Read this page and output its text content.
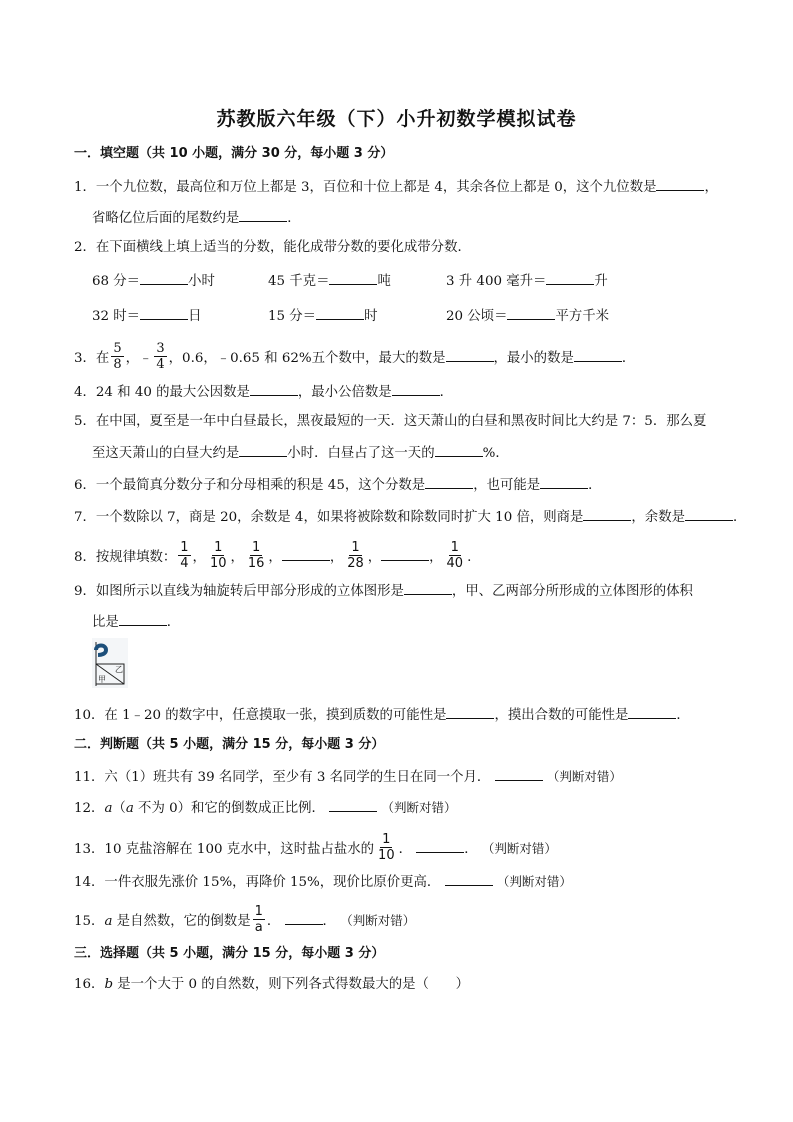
苏教版六年级（下）小升初数学模拟试卷
一．填空题（共 10 小题，满分 30 分，每小题 3 分）
1．一个九位数，最高位和万位上都是 3，百位和十位上都是 4，其余各位上都是 0，这个九位数是	，
省略亿位后面的尾数约是	．
2．在下面横线上填上适当的分数，能化成带分数的要化成带分数．
68 分＝	小时	45 千克＝	吨	3 升 400 毫升＝	升
32 时＝	日	15 分＝	时	20 公顷＝	平方千米
3．在 $\frac{5}{8}$ ，﹣ $\frac{3}{4}$ ，0.6，﹣0.65 和 62%五个数中，最大的数是	，最小的数是	．
4．24 和 40 的最大公因数是	，最小公倍数是	．
5．在中国，夏至是一年中白昼最长，黑夜最短的一天．这天萧山的白昼和黑夜时间比大约是 7：5．那么夏
至这天萧山的白昼大约是	小时．白昼占了这一天的	%．
6．一个最简真分数分子和分母相乘的积是 45，这个分数是	，也可能是	．
7．一个数除以 7，商是 20，余数是 4，如果将被除数和除数同时扩大 10 倍，则商是	，余数是	．
8．按规律填数： $\frac{1}{4}$ ， $\frac{1}{10}$ ， $\frac{1}{16}$ ，	， $\frac{1}{28}$ ，	， $\frac{1}{40}$ .
9．如图所示以直线为轴旋转后甲部分形成的立体图形是	，甲、乙两部分所形成的立体图形的体积
比是	．
甲
乙
10．在 1﹣20 的数字中，任意摸取一张，摸到质数的可能性是	，摸出合数的可能性是	．
二．判断题（共 5 小题，满分 15 分，每小题 3 分）
11．六（1）班共有 39 名同学，至少有 3 名同学的生日在同一个月．	（判断对错）
12．a（a 不为 0）和它的倒数成正比例．	（判断对错）
13．10 克盐溶解在 100 克水中，这时盐占盐水的 $\frac{1}{10}$ ．	． （判断对错）
14．一件衣服先涨价 15%，再降价 15%，现价比原价更高．	（判断对错）
15．a 是自然数，它的倒数是 $\frac{1}{a}$ ．	． （判断对错）
三．选择题（共 5 小题，满分 15 分，每小题 3 分）
16．b 是一个大于 0 的自然数，则下列各式得数最大的是（　　）
